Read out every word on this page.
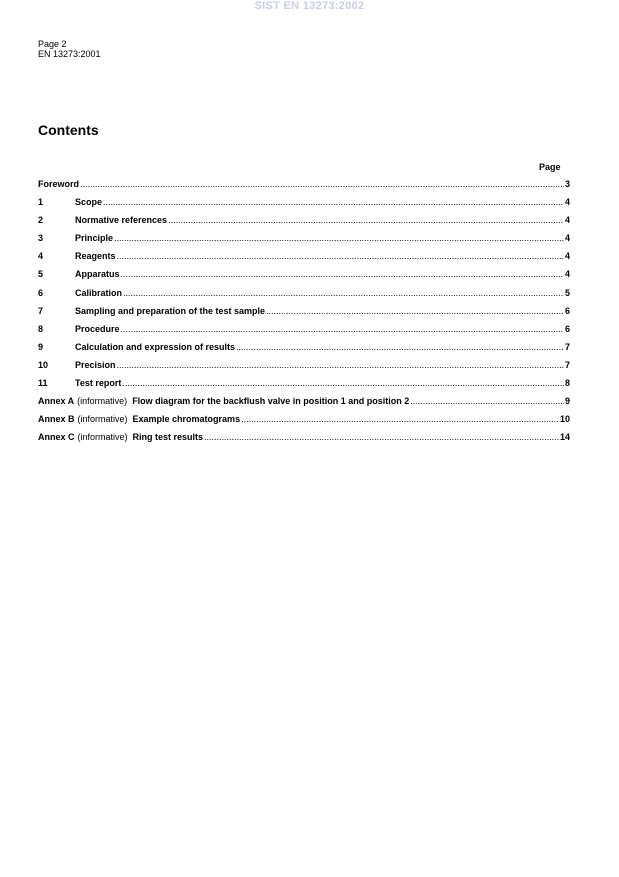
SIST EN 13273:2002
Page 2
EN 13273:2001
Contents
Page
Foreword .....	3
1	Scope .....	4
2	Normative references .....	4
3	Principle .....	4
4	Reagents .....	4
5	Apparatus .....	4
6	Calibration .....	5
7	Sampling and preparation of the test sample .....	6
8	Procedure .....	6
9	Calculation and expression of results .....	7
10	Precision .....	7
11	Test report .....	8
Annex A (informative) Flow diagram for the backflush valve in position 1 and position 2 .....	9
Annex B (informative) Example chromatograms .....	10
Annex C (informative) Ring test results .....	14
